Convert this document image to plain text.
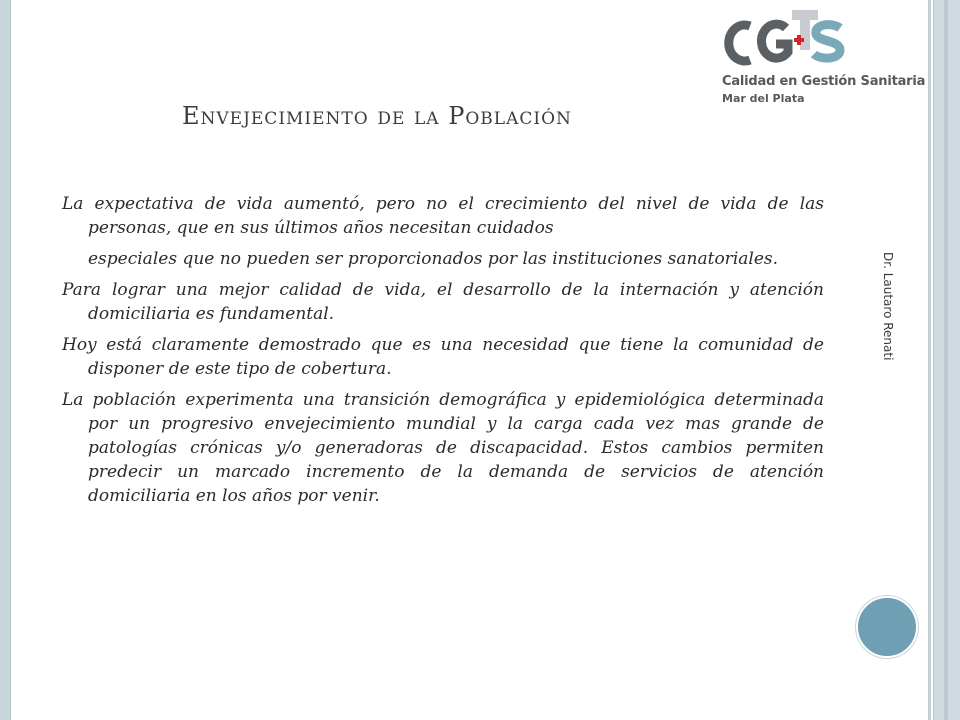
Calidad en Gestión Sanitaria
Mar del Plata
Envejecimiento de la Población

La expectativa de vida aumentó, pero no el crecimiento del nivel de vida de las personas, que en sus últimos años necesitan cuidados

especiales que no pueden ser proporcionados por las instituciones sanatoriales.

Para lograr una mejor calidad de vida, el desarrollo de la internación y atención domiciliaria es fundamental.

Hoy está claramente demostrado que es una necesidad que tiene la comunidad de disponer de este tipo de cobertura.

La población experimenta una transición demográfica y epidemiológica determinada por un progresivo envejecimiento mundial y la carga cada vez mas grande de patologías crónicas y/o generadoras de discapacidad. Estos cambios permiten predecir un marcado incremento de la demanda de servicios de atención domiciliaria en los años por venir.

Dr. Lautaro Renati
